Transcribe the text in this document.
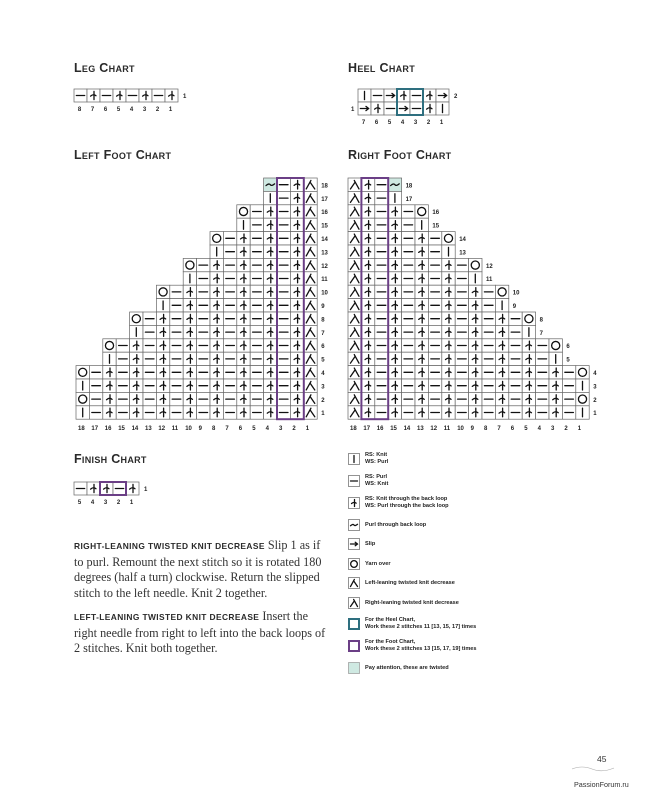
Leg Chart	Heel Chart
Left Foot Chart	Right Foot Chart
Finish Chart
1
8 7 6 5 4 3 2 1
2
1
7 6 5 4 3 2 1
18
17
16
15
14
13
12
11
10
9
8
7
6
5
4
3
2
1
18 17 16 15 14 13 12 11 10 9 8 7 6 5 4 3 2 1
18
17
16
15
14
13
12
11
10
9
8
7
6
5
4
3
2
1
18 17 16 15 14 13 12 11 10 9 8 7 6 5 4 3 2 1
1
5 4 3 2 1
RIGHT-LEANING TWISTED KNIT DECREASE Slip 1 as if to purl. Remount the next stitch so it is rotated 180 degrees (half a turn) clockwise. Return the slipped stitch to the left needle. Knit 2 together.
LEFT-LEANING TWISTED KNIT DECREASE Insert the right needle from right to left into the back loops of 2 stitches. Knit both together.
RS: Knit
WS: Purl
RS: Purl
WS: Knit
RS: Knit through the back loop
WS: Purl through the back loop
Purl through back loop
Slip
Yarn over
Left-leaning twisted knit decrease
Right-leaning twisted knit decrease
For the Heel Chart,
Work these 2 stitches 11 [13, 15, 17] times
For the Foot Chart,
Work these 2 stitches 13 [15, 17, 19] times
Pay attention, these are twisted
45
PassionForum.ru
